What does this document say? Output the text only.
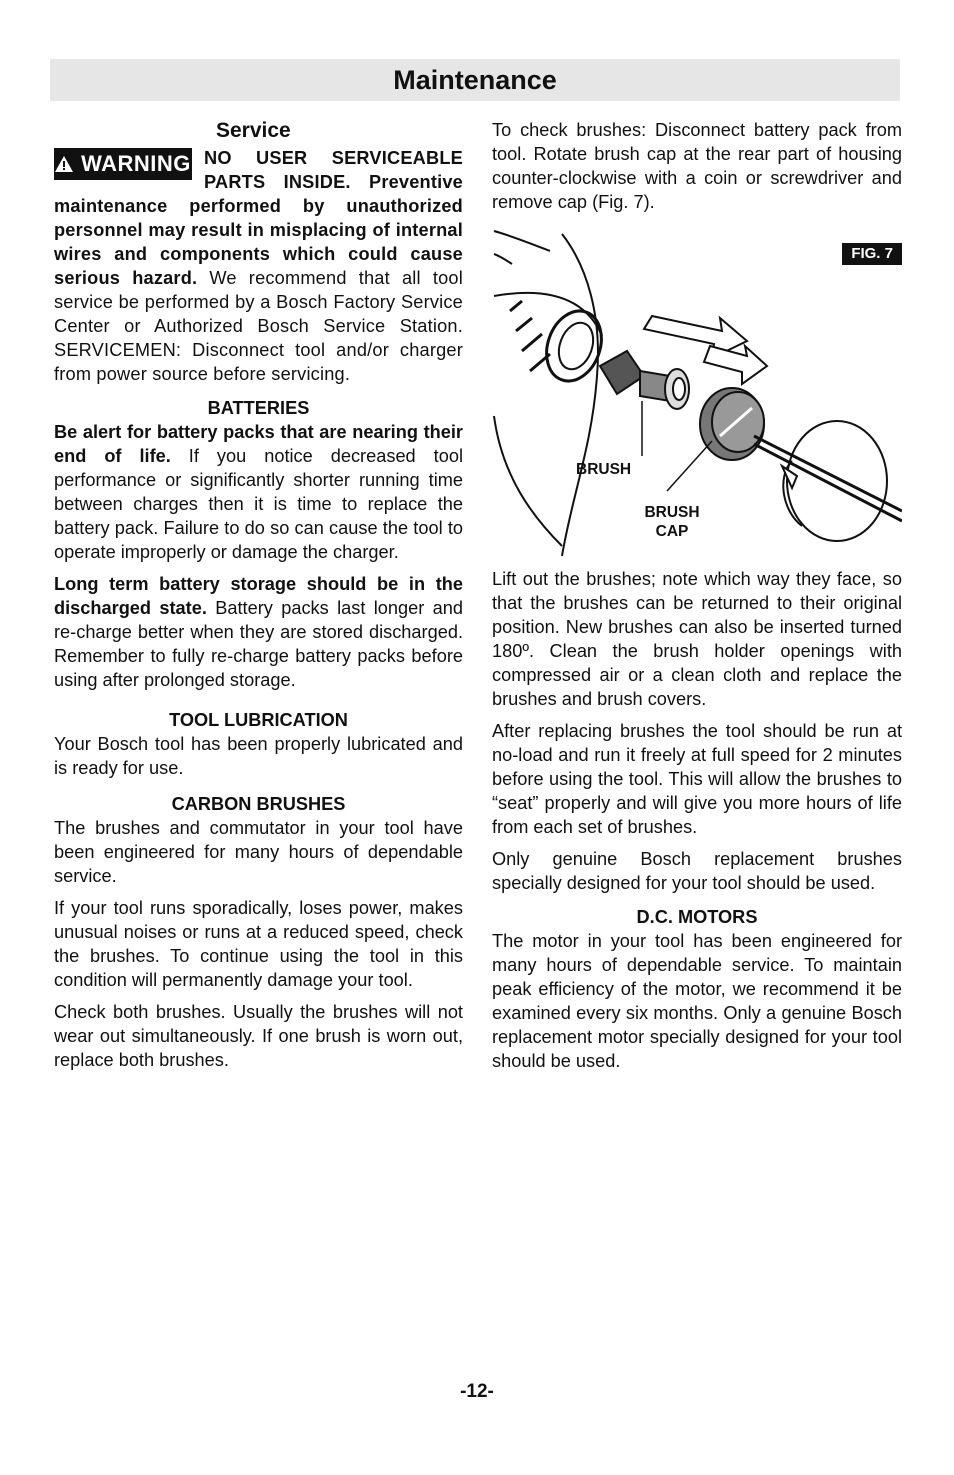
Maintenance
Service
WARNING NO USER SERVICEABLE PARTS INSIDE. Preventive maintenance performed by unauthorized personnel may result in misplacing of internal wires and components which could cause serious hazard. We recommend that all tool service be performed by a Bosch Factory Service Center or Authorized Bosch Service Station. SERVICEMEN: Disconnect tool and/or charger from power source before servicing.

BATTERIES

Be alert for battery packs that are nearing their end of life. If you notice decreased tool performance or significantly shorter running time between charges then it is time to replace the battery pack. Failure to do so can cause the tool to operate improperly or damage the charger.

Long term battery storage should be in the discharged state. Battery packs last longer and re-charge better when they are stored discharged. Remember to fully re-charge battery packs before using after prolonged storage.

TOOL LUBRICATION

Your Bosch tool has been properly lubricated and is ready for use.

CARBON BRUSHES

The brushes and commutator in your tool have been engineered for many hours of dependable service.

If your tool runs sporadically, loses power, makes unusual noises or runs at a reduced speed, check the brushes. To continue using the tool in this condition will permanently damage your tool.

Check both brushes. Usually the brushes will not wear out simultaneously. If one brush is worn out, replace both brushes.

To check brushes: Disconnect battery pack from tool. Rotate brush cap at the rear part of housing counter-clockwise with a coin or screwdriver and remove cap (Fig. 7).

FIG. 7
BRUSH
BRUSH
CAP

Lift out the brushes; note which way they face, so that the brushes can be returned to their original position. New brushes can also be inserted turned 180º. Clean the brush holder openings with compressed air or a clean cloth and replace the brushes and brush covers.

After replacing brushes the tool should be run at no-load and run it freely at full speed for 2 minutes before using the tool. This will allow the brushes to “seat” properly and will give you more hours of life from each set of brushes.

Only genuine Bosch replacement brushes specially designed for your tool should be used.

D.C. MOTORS

The motor in your tool has been engineered for many hours of dependable service. To maintain peak efficiency of the motor, we recommend it be examined every six months. Only a genuine Bosch replacement motor specially designed for your tool should be used.

-12-
